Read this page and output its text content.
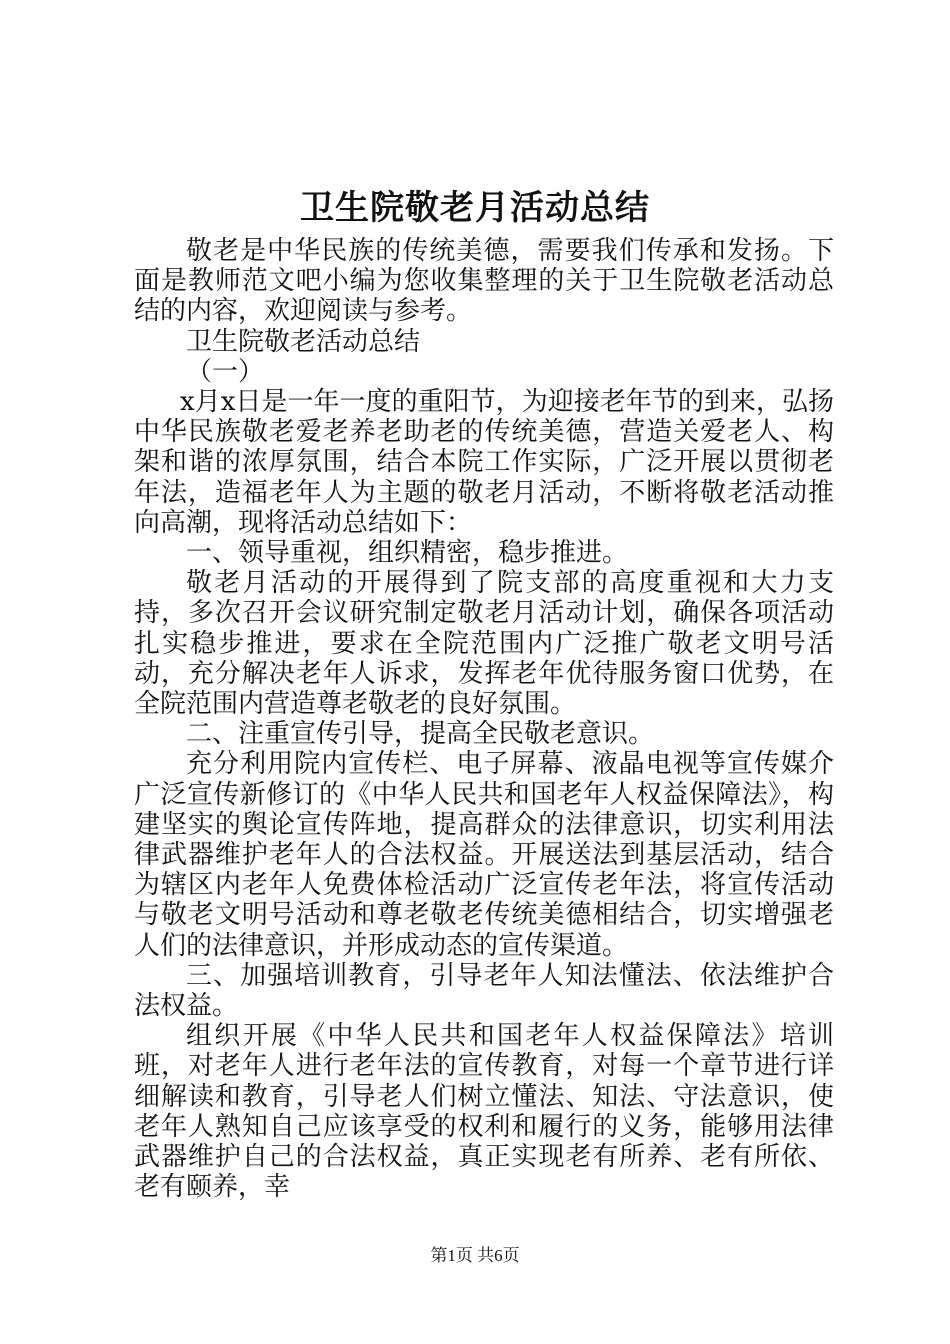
卫生院敬老月活动总结

敬老是中华民族的传统美德，需要我们传承和发扬。下面是教师范文吧小编为您收集整理的关于卫生院敬老活动总结的内容，欢迎阅读与参考。

卫生院敬老活动总结

（一）

x月x日是一年一度的重阳节，为迎接老年节的到来，弘扬中华民族敬老爱老养老助老的传统美德，营造关爱老人、构架和谐的浓厚氛围，结合本院工作实际，广泛开展以贯彻老年法，造福老年人为主题的敬老月活动，不断将敬老活动推向高潮，现将活动总结如下：

一、领导重视，组织精密，稳步推进。

敬老月活动的开展得到了院支部的高度重视和大力支持，多次召开会议研究制定敬老月活动计划，确保各项活动扎实稳步推进，要求在全院范围内广泛推广敬老文明号活动，充分解决老年人诉求，发挥老年优待服务窗口优势，在全院范围内营造尊老敬老的良好氛围。

二、注重宣传引导，提高全民敬老意识。

充分利用院内宣传栏、电子屏幕、液晶电视等宣传媒介广泛宣传新修订的《中华人民共和国老年人权益保障法》，构建坚实的舆论宣传阵地，提高群众的法律意识，切实利用法律武器维护老年人的合法权益。开展送法到基层活动，结合为辖区内老年人免费体检活动广泛宣传老年法，将宣传活动与敬老文明号活动和尊老敬老传统美德相结合，切实增强老人们的法律意识，并形成动态的宣传渠道。

三、加强培训教育，引导老年人知法懂法、依法维护合法权益。

组织开展《中华人民共和国老年人权益保障法》培训班，对老年人进行老年法的宣传教育，对每一个章节进行详细解读和教育，引导老人们树立懂法、知法、守法意识，使老年人熟知自己应该享受的权利和履行的义务，能够用法律武器维护自己的合法权益，真正实现老有所养、老有所依、老有颐养，幸

第1页 共6页
